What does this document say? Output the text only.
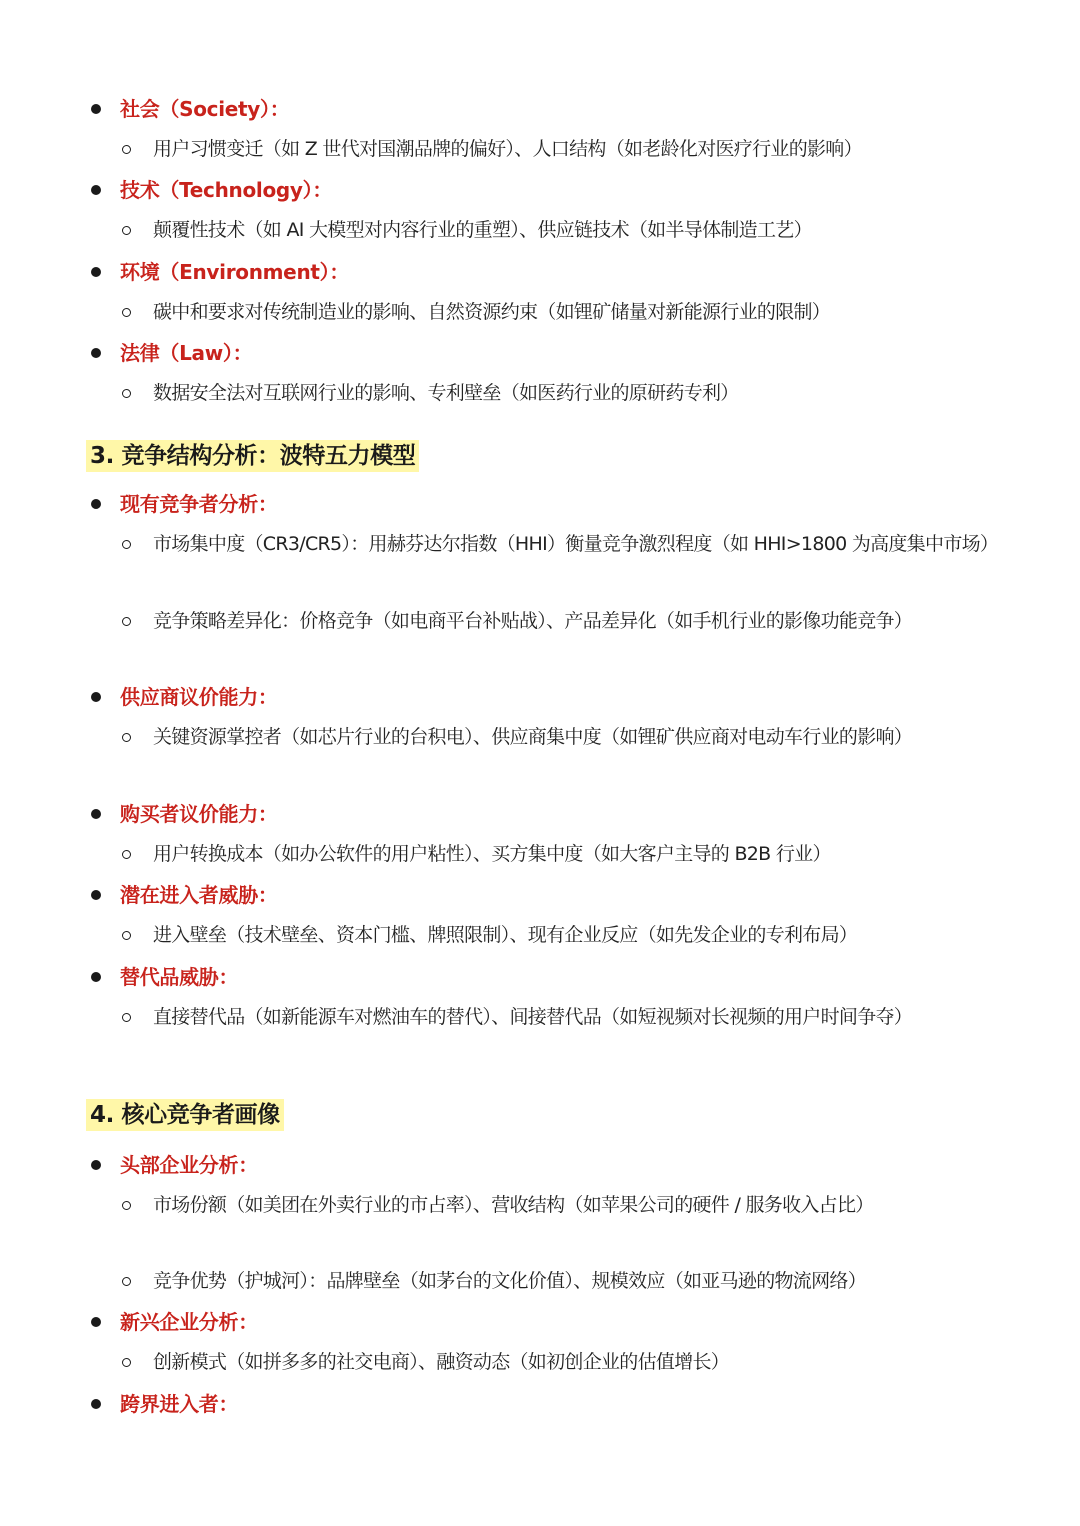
社会（Society）：
用户习惯变迁（如 Z 世代对国潮品牌的偏好）、人口结构（如老龄化对医疗行业的影响）
技术（Technology）：
颠覆性技术（如 AI 大模型对内容行业的重塑）、供应链技术（如半导体制造工艺）
环境（Environment）：
碳中和要求对传统制造业的影响、自然资源约束（如锂矿储量对新能源行业的限制）
法律（Law）：
数据安全法对互联网行业的影响、专利壁垒（如医药行业的原研药专利）
3. 竞争结构分析：波特五力模型
现有竞争者分析：
市场集中度（CR3/CR5）：用赫芬达尔指数（HHI）衡量竞争激烈程度（如 HHI>1800 为高度集中市场）
竞争策略差异化：价格竞争（如电商平台补贴战）、产品差异化（如手机行业的影像功能竞争）
供应商议价能力：
关键资源掌控者（如芯片行业的台积电）、供应商集中度（如锂矿供应商对电动车行业的影响）
购买者议价能力：
用户转换成本（如办公软件的用户粘性）、买方集中度（如大客户主导的 B2B 行业）
潜在进入者威胁：
进入壁垒（技术壁垒、资本门槛、牌照限制）、现有企业反应（如先发企业的专利布局）
替代品威胁：
直接替代品（如新能源车对燃油车的替代）、间接替代品（如短视频对长视频的用户时间争夺）
4. 核心竞争者画像
头部企业分析：
市场份额（如美团在外卖行业的市占率）、营收结构（如苹果公司的硬件 / 服务收入占比）
竞争优势（护城河）：品牌壁垒（如茅台的文化价值）、规模效应（如亚马逊的物流网络）
新兴企业分析：
创新模式（如拼多多的社交电商）、融资动态（如初创企业的估值增长）
跨界进入者：
